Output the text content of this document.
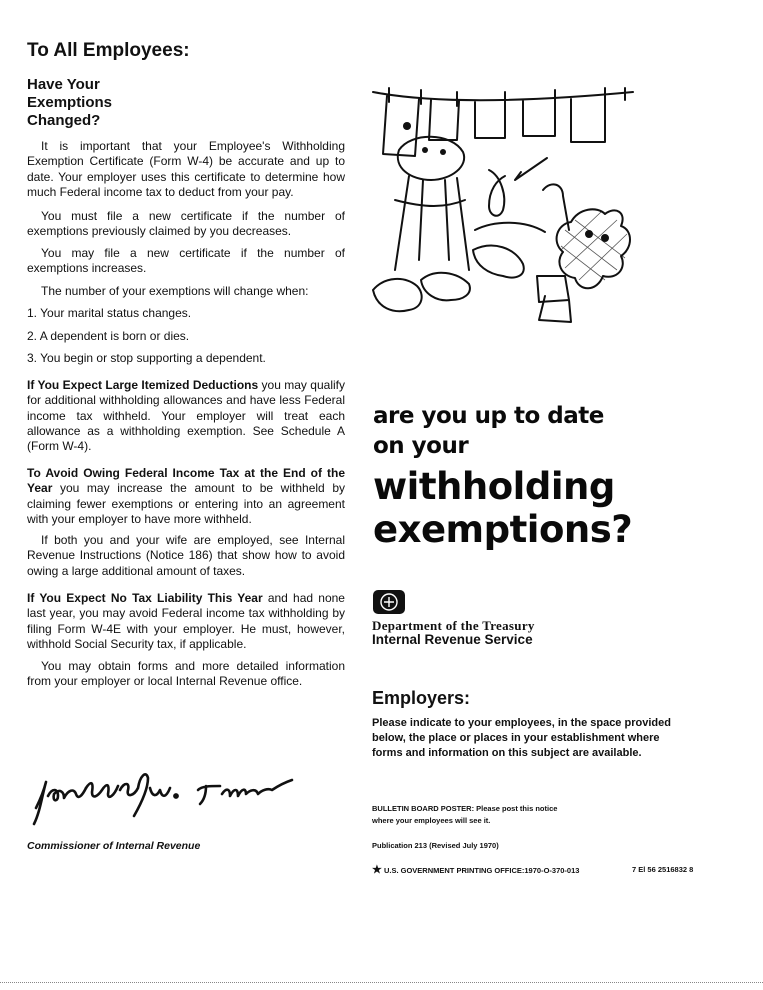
To All Employees:
Have Your Exemptions Changed?

It is important that your Employee's Withholding Exemption Certificate (Form W-4) be accurate and up to date. Your employer uses this certificate to determine how much Federal income tax to deduct from your pay.

You must file a new certificate if the number of exemptions previously claimed by you decreases.

You may file a new certificate if the number of exemptions increases.

The number of your exemptions will change when:

1. Your marital status changes.
2. A dependent is born or dies.
3. You begin or stop supporting a dependent.

If You Expect Large Itemized Deductions you may qualify for additional withholding allowances and have less Federal income tax withheld. Your employer will treat each allowance as a withholding exemption. See Schedule A (Form W-4).

To Avoid Owing Federal Income Tax at the End of the Year you may increase the amount to be withheld by claiming fewer exemptions or entering into an agreement with your employer to have more withheld.

If both you and your wife are employed, see Internal Revenue Instructions (Notice 186) that show how to avoid owing a large additional amount of taxes.

If You Expect No Tax Liability This Year and had none last year, you may avoid Federal income tax withholding by filing Form W-4E with your employer. He must, however, withhold Social Security tax, if applicable.

You may obtain forms and more detailed information from your employer or local Internal Revenue office.

Commissioner of Internal Revenue
are you up to date
on your
withholding
exemptions?
Department of the Treasury
Internal Revenue Service
Employers:
Please indicate to your employees, in the space provided below, the place or places in your establishment where forms and information on this subject are available.
BULLETIN BOARD POSTER: Please post this notice where your employees will see it.
Publication 213 (Revised July 1970)
★ U.S. GOVERNMENT PRINTING OFFICE:1970-O-370-013	7 El 56 2516832 8
